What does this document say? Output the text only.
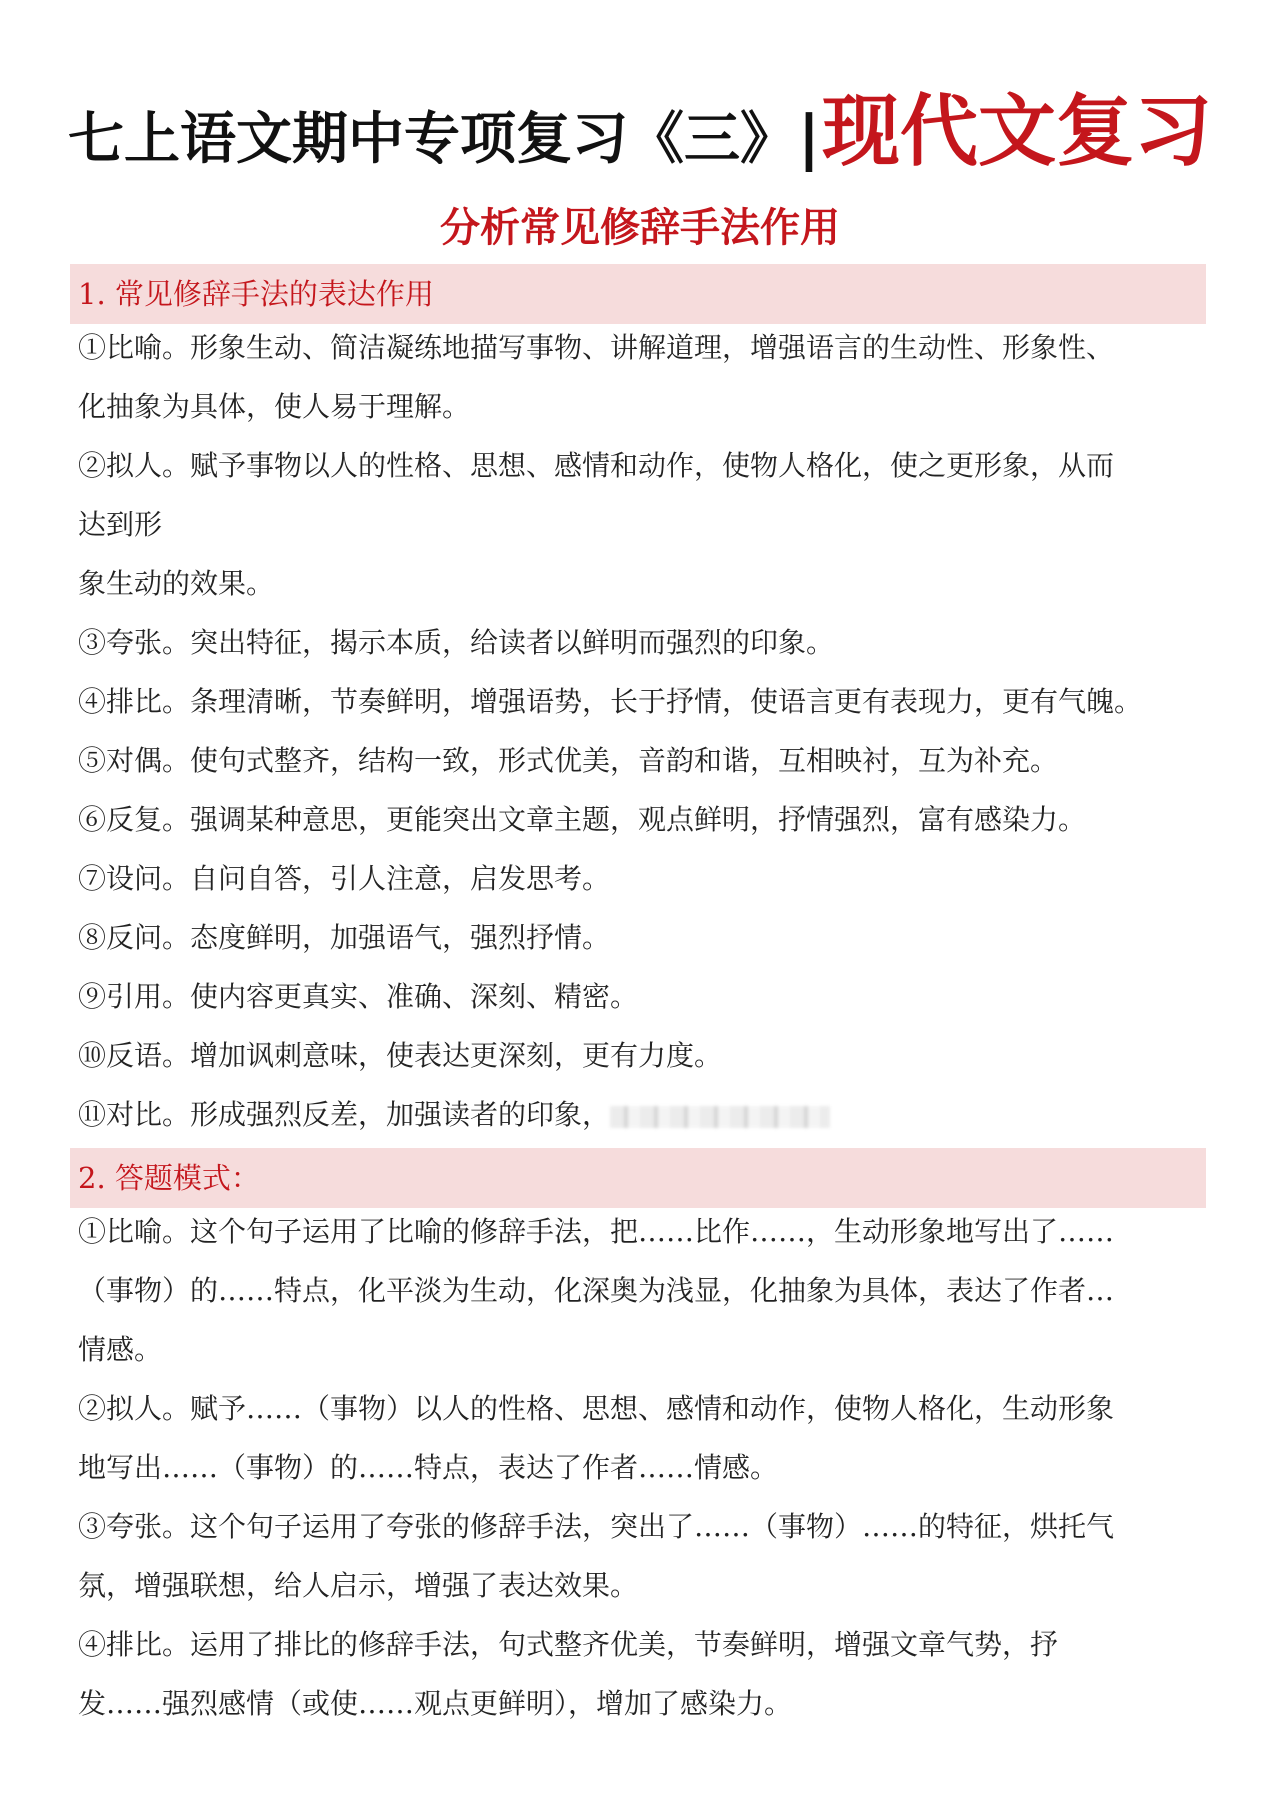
七上语文期中专项复习《三》|现代文复习
分析常见修辞手法作用
1. 常见修辞手法的表达作用
①比喻。形象生动、简洁凝练地描写事物、讲解道理，增强语言的生动性、形象性、
化抽象为具体，使人易于理解。
②拟人。赋予事物以人的性格、思想、感情和动作，使物人格化，使之更形象，从而
达到形
象生动的效果。
③夸张。突出特征，揭示本质，给读者以鲜明而强烈的印象。
④排比。条理清晰，节奏鲜明，增强语势，长于抒情，使语言更有表现力，更有气魄。
⑤对偶。使句式整齐，结构一致，形式优美，音韵和谐，互相映衬，互为补充。
⑥反复。强调某种意思，更能突出文章主题，观点鲜明，抒情强烈，富有感染力。
⑦设问。自问自答，引人注意，启发思考。
⑧反问。态度鲜明，加强语气，强烈抒情。
⑨引用。使内容更真实、准确、深刻、精密。
⑩反语。增加讽刺意味，使表达更深刻，更有力度。
⑪对比。形成强烈反差，加强读者的印象，
2. 答题模式：
①比喻。这个句子运用了比喻的修辞手法，把……比作……，生动形象地写出了……
（事物）的……特点，化平淡为生动，化深奥为浅显，化抽象为具体，表达了作者…
情感。
②拟人。赋予……（事物）以人的性格、思想、感情和动作，使物人格化，生动形象
地写出……（事物）的……特点，表达了作者……情感。
③夸张。这个句子运用了夸张的修辞手法，突出了……（事物）……的特征，烘托气
氛，增强联想，给人启示，增强了表达效果。
④排比。运用了排比的修辞手法，句式整齐优美，节奏鲜明，增强文章气势，抒
发……强烈感情（或使……观点更鲜明），增加了感染力。
